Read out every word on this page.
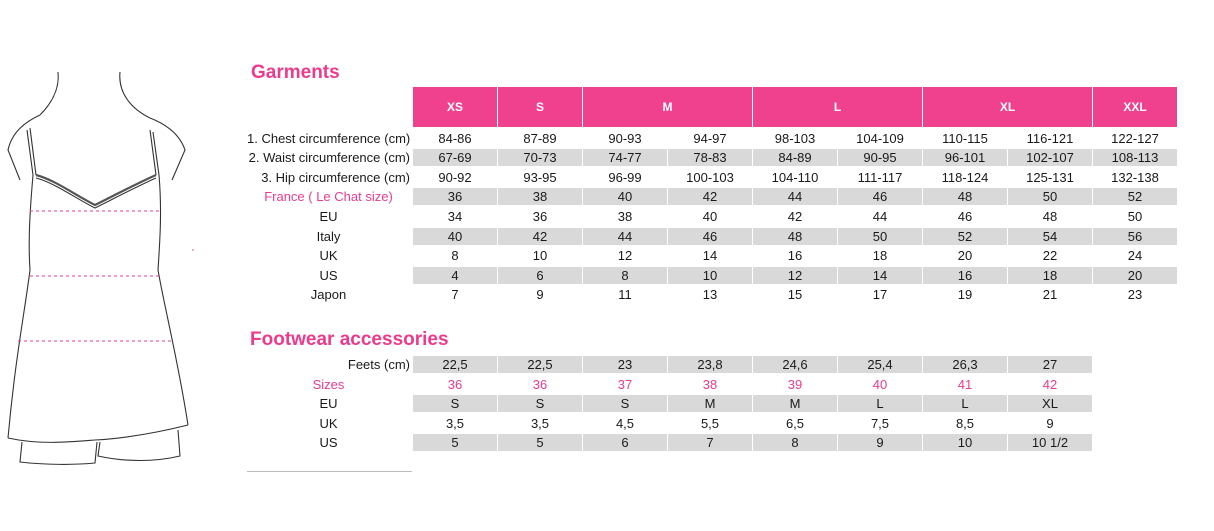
Garments
XS	S	M	L	XL	XXL
1. Chest circumference (cm)	84-86	87-89	90-93	94-97	98-103	104-109	110-115	116-121	122-127
2. Waist circumference (cm)	67-69	70-73	74-77	78-83	84-89	90-95	96-101	102-107	108-113
3. Hip circumference (cm)	90-92	93-95	96-99	100-103	104-110	111-117	118-124	125-131	132-138
France ( Le Chat size)	36	38	40	42	44	46	48	50	52
EU	34	36	38	40	42	44	46	48	50
Italy	40	42	44	46	48	50	52	54	56
UK	8	10	12	14	16	18	20	22	24
US	4	6	8	10	12	14	16	18	20
Japon	7	9	11	13	15	17	19	21	23
Footwear accessories
Feets (cm)	22,5	22,5	23	23,8	24,6	25,4	26,3	27
Sizes	36	36	37	38	39	40	41	42
EU	S	S	S	M	M	L	L	XL
UK	3,5	3,5	4,5	5,5	6,5	7,5	8,5	9
US	5	5	6	7	8	9	10	10 1/2
